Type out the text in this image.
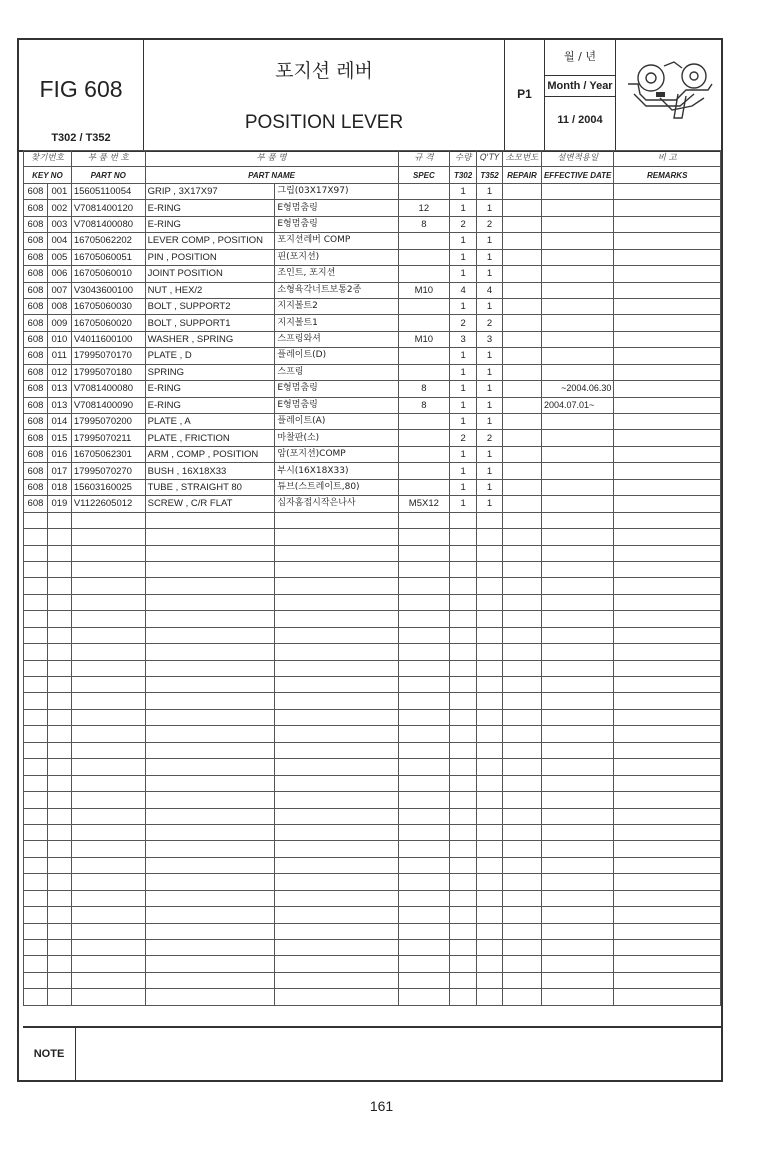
FIG 608
T302 / T352
포지션 레버
POSITION LEVER
P1
월 / 년
Month / Year
11 / 2004
찾기번호		부 품 번 호	부 품 명		규 격	수량	Q'TY	소모번도	설변적용일	비 고
KEY NO		PART NO	PART NAME		SPEC	T302	T352	REPAIR	EFFECTIVE DATE	REMARKS
608	001	15605110054	GRIP , 3X17X97	그립(03X17X97)		1	1			
608	002	V7081400120	E-RING	E형멈춤링	12	1	1			
608	003	V7081400080	E-RING	E형멈춤링	8	2	2			
608	004	16705062202	LEVER COMP , POSITION	포지션레버 COMP		1	1			
608	005	16705060051	PIN , POSITION	핀(포지션)		1	1			
608	006	16705060010	JOINT POSITION	조인트, 포지션		1	1			
608	007	V3043600100	NUT , HEX/2	소형육각너트보통2종	M10	4	4			
608	008	16705060030	BOLT , SUPPORT2	지지볼트2		1	1			
608	009	16705060020	BOLT , SUPPORT1	지지볼트1		2	2			
608	010	V4011600100	WASHER , SPRING	스프링와셔	M10	3	3			
608	011	17995070170	PLATE , D	플레이트(D)		1	1			
608	012	17995070180	SPRING	스프링		1	1			
608	013	V7081400080	E-RING	E형멈춤링	8	1	1		~2004.06.30	
608	013	V7081400090	E-RING	E형멈춤링	8	1	1		2004.07.01~	
608	014	17995070200	PLATE , A	플레이트(A)		1	1			
608	015	17995070211	PLATE , FRICTION	마찰판(소)		2	2			
608	016	16705062301	ARM , COMP , POSITION	암(포지션)COMP		1	1			
608	017	17995070270	BUSH , 16X18X33	부시(16X18X33)		1	1			
608	018	15603160025	TUBE , STRAIGHT 80	튜브(스트레이트,80)		1	1			
608	019	V1122605012	SCREW , C/R FLAT	십자홈접시작은나사	M5X12	1	1			

NOTE
161
